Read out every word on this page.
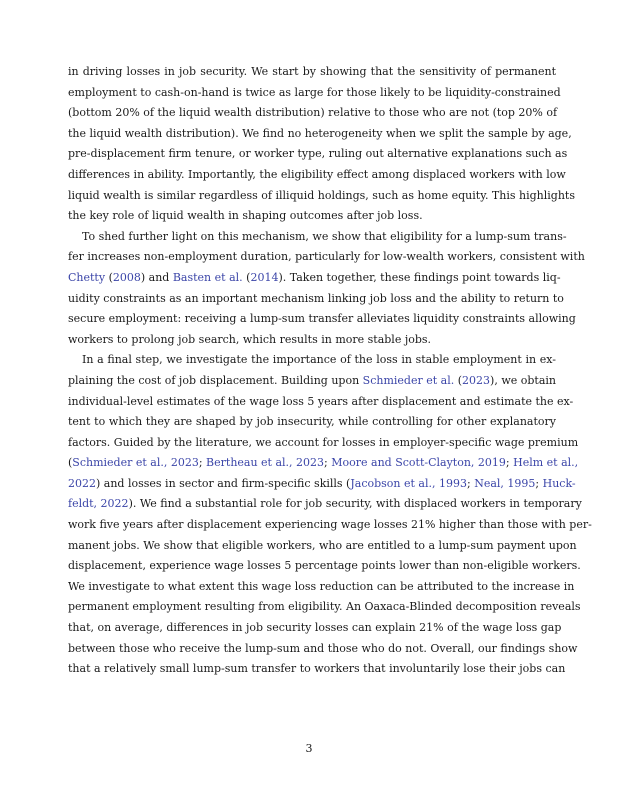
in driving losses in job security. We start by showing that the sensitivity of permanent
employment to cash-on-hand is twice as large for those likely to be liquidity-constrained
(bottom 20% of the liquid wealth distribution) relative to those who are not (top 20% of
the liquid wealth distribution). We find no heterogeneity when we split the sample by age,
pre-displacement firm tenure, or worker type, ruling out alternative explanations such as
differences in ability. Importantly, the eligibility effect among displaced workers with low
liquid wealth is similar regardless of illiquid holdings, such as home equity. This highlights
the key role of liquid wealth in shaping outcomes after job loss.
To shed further light on this mechanism, we show that eligibility for a lump-sum trans-
fer increases non-employment duration, particularly for low-wealth workers, consistent with
Chetty (2008) and Basten et al. (2014). Taken together, these findings point towards liq-
uidity constraints as an important mechanism linking job loss and the ability to return to
secure employment: receiving a lump-sum transfer alleviates liquidity constraints allowing
workers to prolong job search, which results in more stable jobs.
In a final step, we investigate the importance of the loss in stable employment in ex-
plaining the cost of job displacement. Building upon Schmieder et al. (2023), we obtain
individual-level estimates of the wage loss 5 years after displacement and estimate the ex-
tent to which they are shaped by job insecurity, while controlling for other explanatory
factors. Guided by the literature, we account for losses in employer-specific wage premium
(Schmieder et al., 2023; Bertheau et al., 2023; Moore and Scott-Clayton, 2019; Helm et al.,
2022) and losses in sector and firm-specific skills (Jacobson et al., 1993; Neal, 1995; Huck-
feldt, 2022). We find a substantial role for job security, with displaced workers in temporary
work five years after displacement experiencing wage losses 21% higher than those with per-
manent jobs. We show that eligible workers, who are entitled to a lump-sum payment upon
displacement, experience wage losses 5 percentage points lower than non-eligible workers.
We investigate to what extent this wage loss reduction can be attributed to the increase in
permanent employment resulting from eligibility. An Oaxaca-Blinded decomposition reveals
that, on average, differences in job security losses can explain 21% of the wage loss gap
between those who receive the lump-sum and those who do not. Overall, our findings show
that a relatively small lump-sum transfer to workers that involuntarily lose their jobs can
3
